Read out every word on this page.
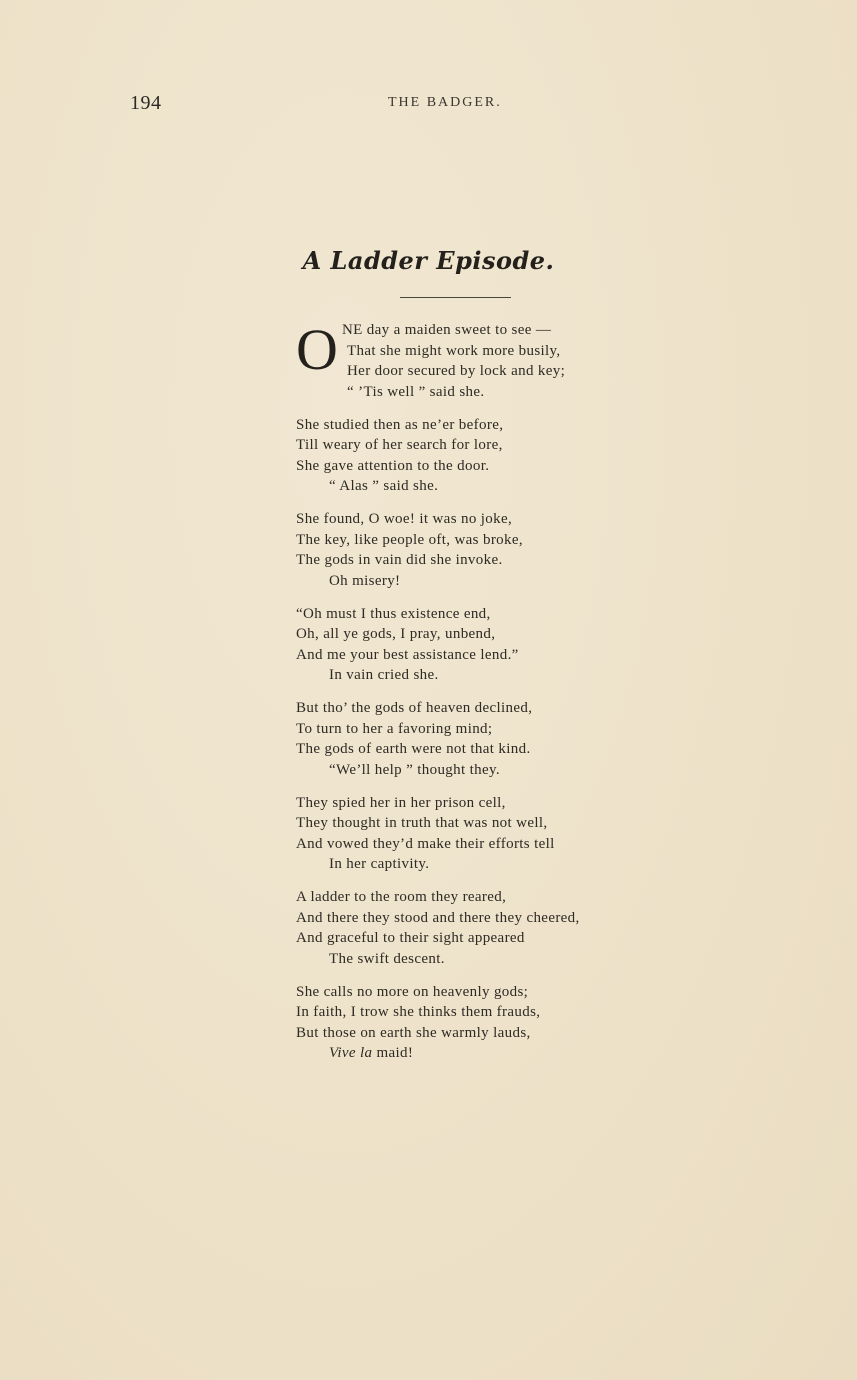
194	THE BADGER.
A Ladder Episode.
O NE day a maiden sweet to see —
That she might work more busily,
Her door secured by lock and key;
“ ’Tis well ” said she.
She studied then as ne’er before,
Till weary of her search for lore,
She gave attention to the door.
“ Alas ” said she.
She found, O woe! it was no joke,
The key, like people oft, was broke,
The gods in vain did she invoke.
Oh misery!
“Oh must I thus existence end,
Oh, all ye gods, I pray, unbend,
And me your best assistance lend.”
In vain cried she.
But tho’ the gods of heaven declined,
To turn to her a favoring mind;
The gods of earth were not that kind.
“We’ll help ” thought they.
They spied her in her prison cell,
They thought in truth that was not well,
And vowed they’d make their efforts tell
In her captivity.
A ladder to the room they reared,
And there they stood and there they cheered,
And graceful to their sight appeared
The swift descent.
She calls no more on heavenly gods;
In faith, I trow she thinks them frauds,
But those on earth she warmly lauds,
Vive la maid!
